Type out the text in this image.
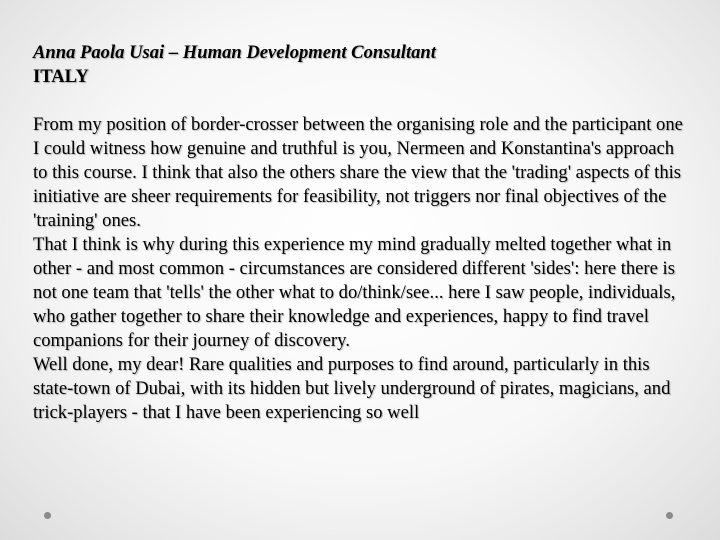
Anna Paola Usai – Human Development Consultant
ITALY

From my position of border-crosser between the organising role and the participant one I could witness how genuine and truthful is you, Nermeen and Konstantina's approach to this course. I think that also the others share the view that the 'trading' aspects of this initiative are sheer requirements for feasibility, not triggers nor final objectives of the 'training' ones.

That I think is why during this experience my mind gradually melted together what in other - and most common - circumstances are considered different 'sides': here there is not one team that 'tells' the other what to do/think/see... here I saw people, individuals, who gather together to share their knowledge and experiences, happy to find travel companions for their journey of discovery.

Well done, my dear! Rare qualities and purposes to find around, particularly in this state-town of Dubai, with its hidden but lively underground of pirates, magicians, and trick-players - that I have been experiencing so well
